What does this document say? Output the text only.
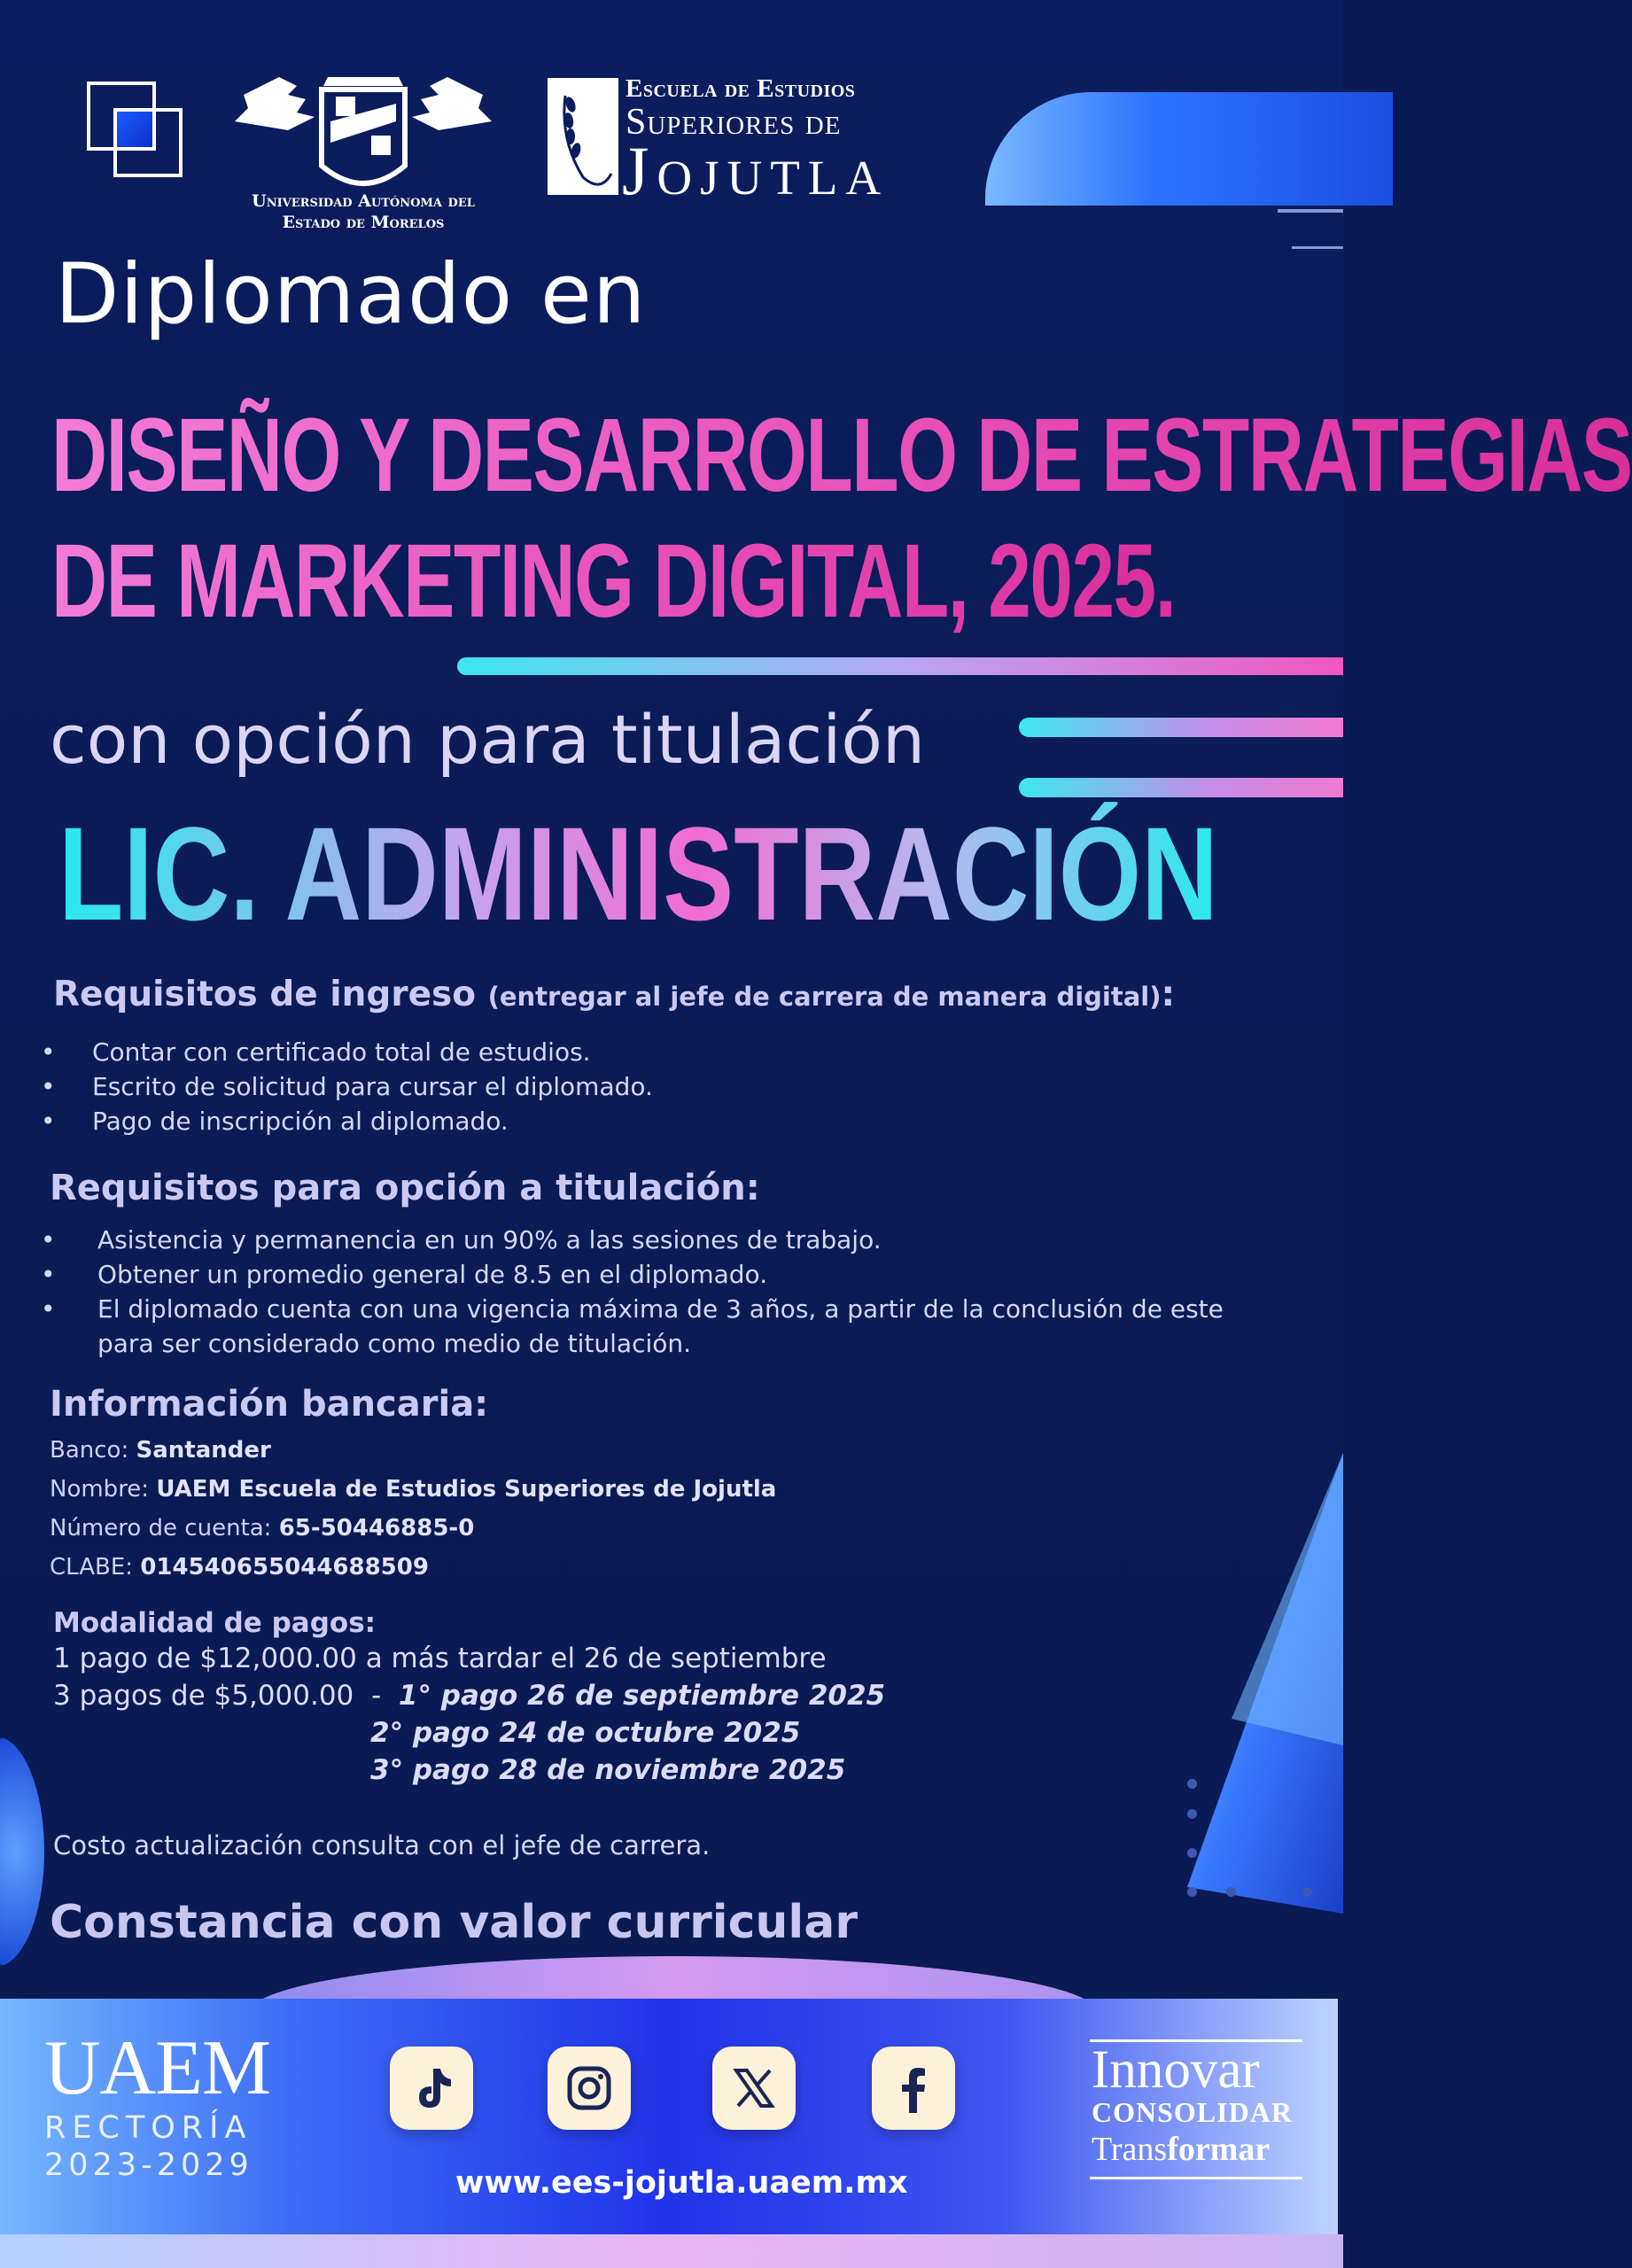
Universidad Autónoma del
Estado de Morelos
Escuela de Estudios
Superiores de
Jojutla
Diplomado en
DISEÑO Y DESARROLLO DE ESTRATEGIAS
DE MARKETING DIGITAL, 2025.
con opción para titulación
LIC. ADMINISTRACIÓN
Requisitos de ingreso (entregar al jefe de carrera de manera digital):
• Contar con certificado total de estudios.
• Escrito de solicitud para cursar el diplomado.
• Pago de inscripción al diplomado.
Requisitos para opción a titulación:
• Asistencia y permanencia en un 90% a las sesiones de trabajo.
• Obtener un promedio general de 8.5 en el diplomado.
• El diplomado cuenta con una vigencia máxima de 3 años, a partir de la conclusión de este para ser considerado como medio de titulación.
Información bancaria:
Banco: Santander
Nombre: UAEM Escuela de Estudios Superiores de Jojutla
Número de cuenta: 65-50446885-0
CLABE: 014540655044688509
Modalidad de pagos:
1 pago de $12,000.00 a más tardar el 26 de septiembre
3 pagos de $5,000.00  -  1° pago 26 de septiembre 2025
2° pago 24 de octubre 2025
3° pago 28 de noviembre 2025
Costo actualización consulta con el jefe de carrera.
Constancia con valor curricular
UAEM
RECTORÍA
2023-2029	www.ees-jojutla.uaem.mx
Innovar
CONSOLIDAR
Transformar
